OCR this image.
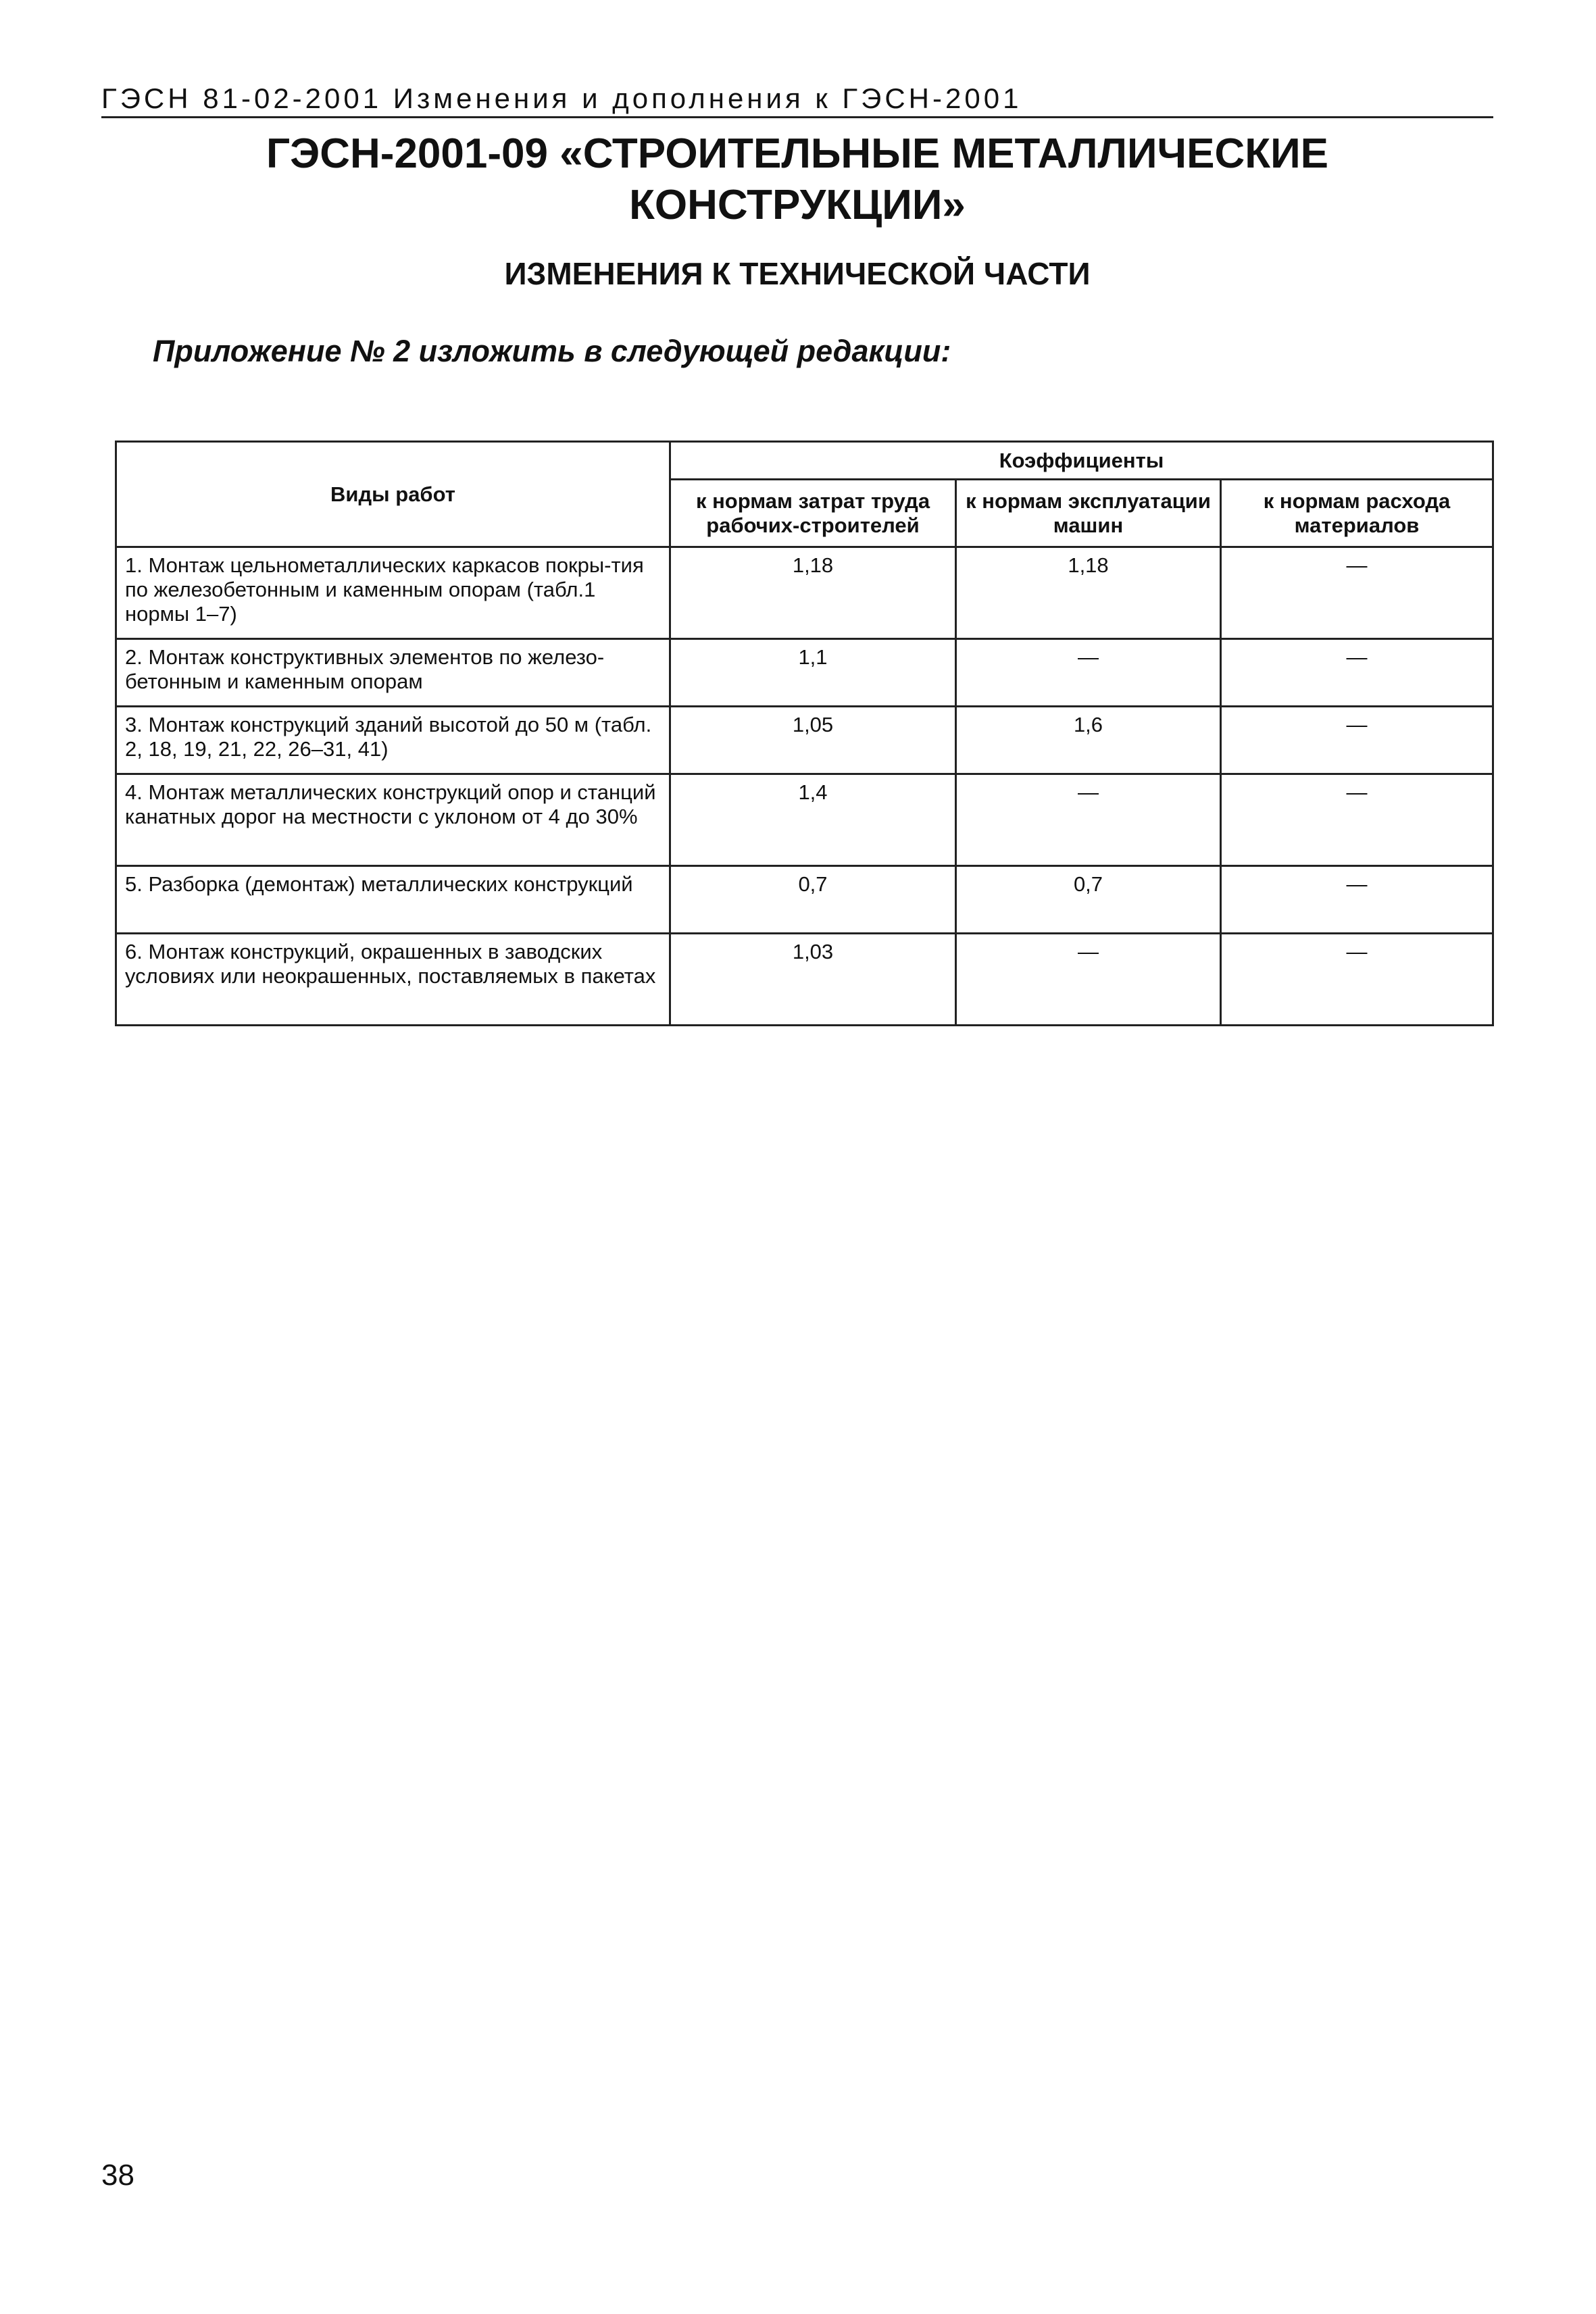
ГЭСН 81-02-2001 Изменения и дополнения к ГЭСН-2001
ГЭСН-2001-09 «СТРОИТЕЛЬНЫЕ МЕТАЛЛИЧЕСКИЕ
КОНСТРУКЦИИ»
ИЗМЕНЕНИЯ К ТЕХНИЧЕСКОЙ ЧАСТИ
Приложение № 2 изложить в следующей редакции:
Виды работ	Коэффициенты		
	к нормам затрат труда рабочих-строителей	к нормам эксплуатации машин	к нормам расхода материалов
1. Монтаж цельнометаллических каркасов покры-тия по железобетонным и каменным опорам (табл.1 нормы 1–7)	1,18	1,18	—
2. Монтаж конструктивных элементов по железо-бетонным и каменным опорам	1,1	—	—
3. Монтаж конструкций зданий высотой до 50 м (табл. 2, 18, 19, 21, 22, 26–31, 41)	1,05	1,6	—
4. Монтаж металлических конструкций опор и станций канатных дорог на местности с уклоном от 4 до 30%	1,4	—	—
5. Разборка (демонтаж) металлических конструкций	0,7	0,7	—
6. Монтаж конструкций, окрашенных в заводских условиях или неокрашенных, поставляемых в пакетах	1,03	—	—
38
